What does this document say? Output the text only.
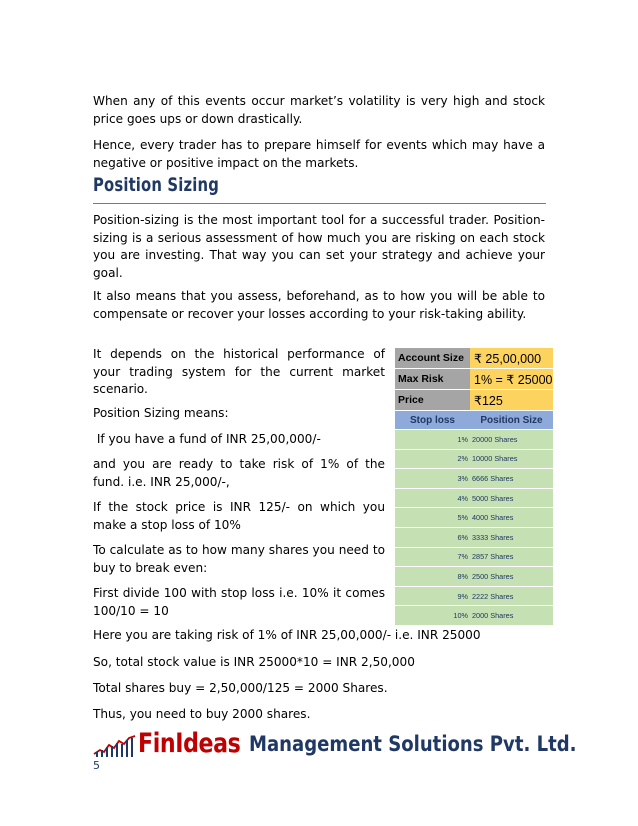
When any of this events occur market’s volatility is very high and stock price goes ups or down drastically.

Hence, every trader has to prepare himself for events which may have a negative or positive impact on the markets.

Position Sizing

Position-sizing is the most important tool for a successful trader. Position-sizing is a serious assessment of how much you are risking on each stock you are investing. That way you can set your strategy and achieve your goal.

It also means that you assess, beforehand, as to how you will be able to compensate or recover your losses according to your risk-taking ability.

It depends on the historical performance of your trading system for the current market scenario.

Position Sizing means:

If you have a fund of INR 25,00,000/-

and you are ready to take risk of 1% of the fund. i.e. INR 25,000/-,

If the stock price is INR 125/- on which you make a stop loss of 10%

To calculate as to how many shares you need to buy to break even:

First divide 100 with stop loss i.e. 10% it comes 100/10 = 10

Account Size	₹ 25,00,000
Max Risk	1% = ₹ 25000
Price	₹125
Stop loss	Position Size
1%	20000 Shares
2%	10000 Shares
3%	6666 Shares
4%	5000 Shares
5%	4000 Shares
6%	3333 Shares
7%	2857 Shares
8%	2500 Shares
9%	2222 Shares
10%	2000 Shares

Here you are taking risk of 1% of INR 25,00,000/- i.e. INR 25000

So, total stock value is INR 25000*10 = INR 2,50,000

Total shares buy = 2,50,000/125 = 2000 Shares.

Thus, you need to buy 2000 shares.

FinIdeas Management Solutions Pvt. Ltd.
5
